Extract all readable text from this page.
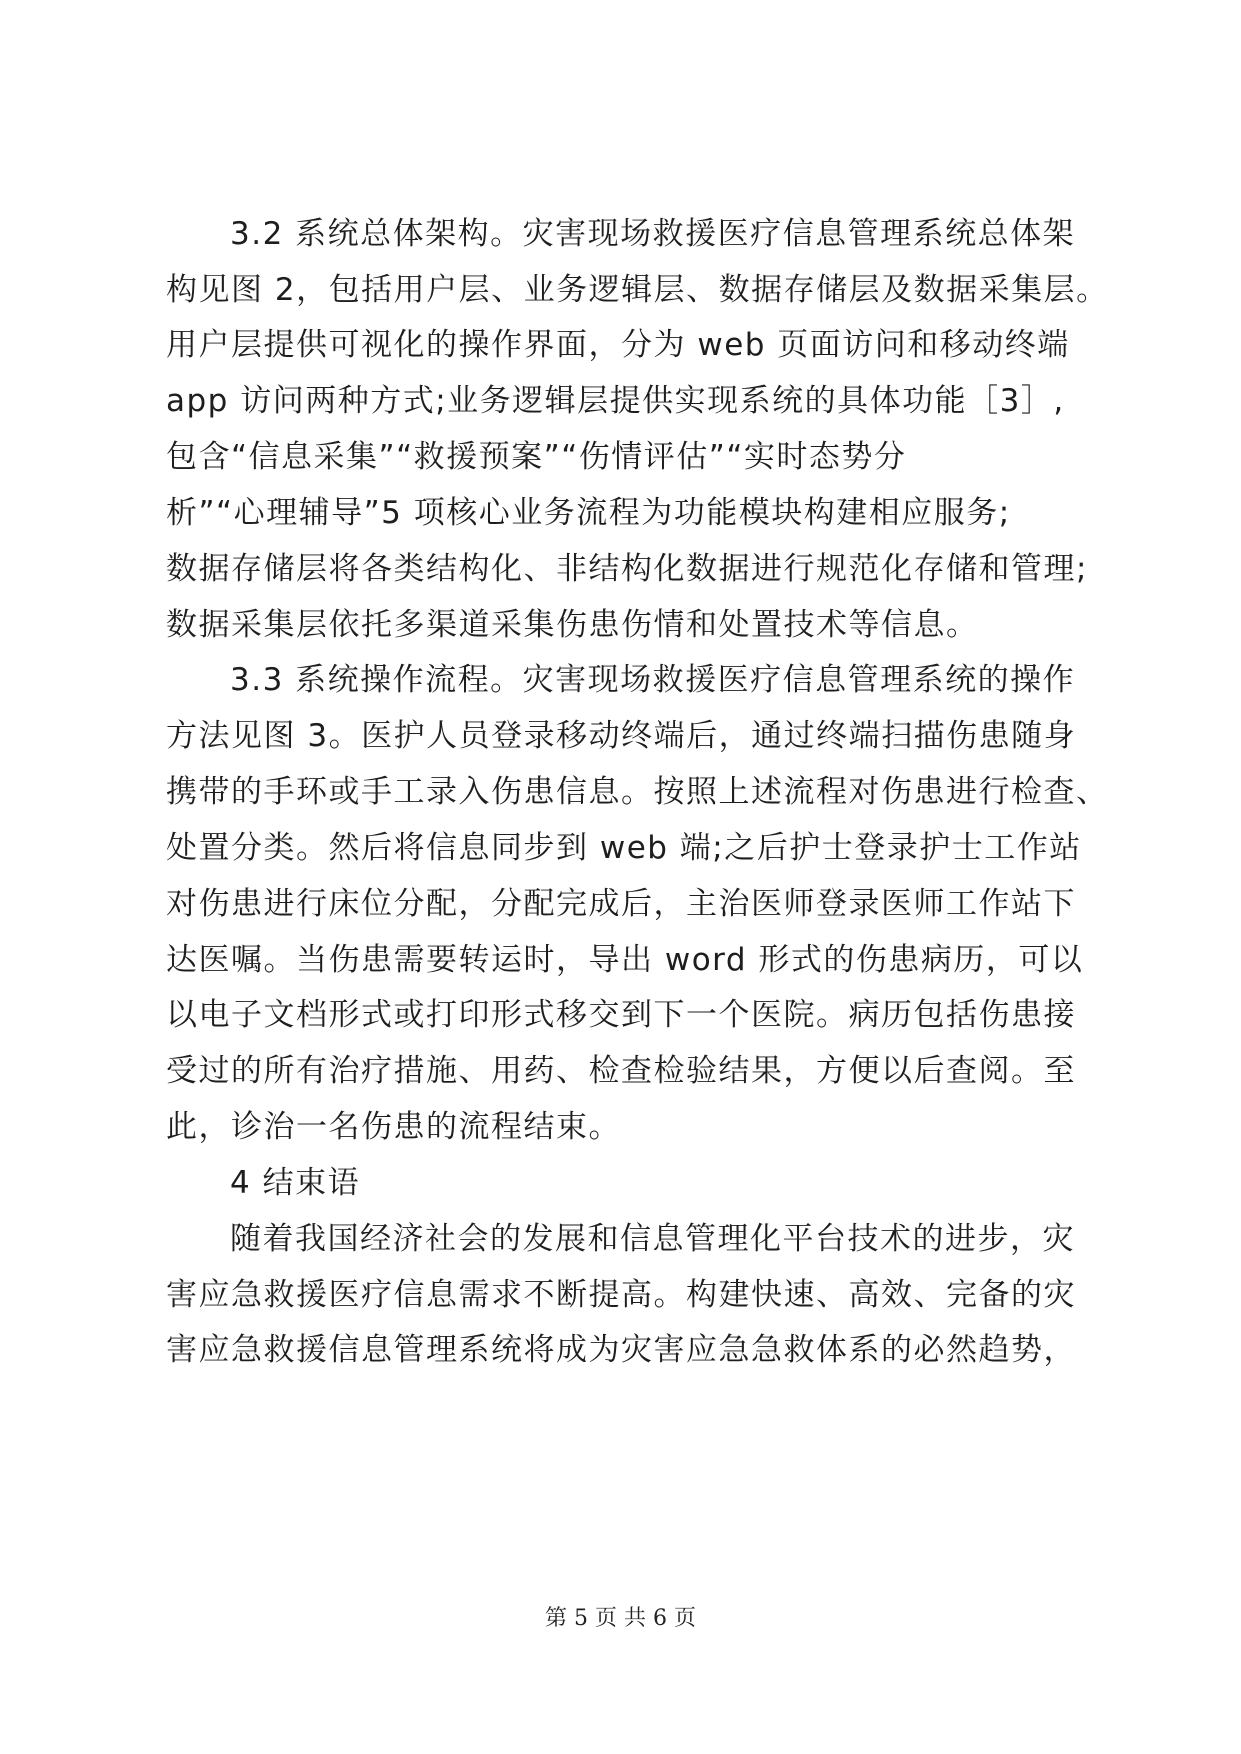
3.2 系统总体架构。灾害现场救援医疗信息管理系统总体架
构见图 2，包括用户层、业务逻辑层、数据存储层及数据采集层。
用户层提供可视化的操作界面，分为 web 页面访问和移动终端
app 访问两种方式;业务逻辑层提供实现系统的具体功能［3］,
包含“信息采集”“救援预案”“伤情评估”“实时态势分
析”“心理辅导”5 项核心业务流程为功能模块构建相应服务;
数据存储层将各类结构化、非结构化数据进行规范化存储和管理;
数据采集层依托多渠道采集伤患伤情和处置技术等信息。
3.3 系统操作流程。灾害现场救援医疗信息管理系统的操作
方法见图 3。医护人员登录移动终端后，通过终端扫描伤患随身
携带的手环或手工录入伤患信息。按照上述流程对伤患进行检查、
处置分类。然后将信息同步到 web 端;之后护士登录护士工作站
对伤患进行床位分配，分配完成后，主治医师登录医师工作站下
达医嘱。当伤患需要转运时，导出 word 形式的伤患病历，可以
以电子文档形式或打印形式移交到下一个医院。病历包括伤患接
受过的所有治疗措施、用药、检查检验结果，方便以后查阅。至
此，诊治一名伤患的流程结束。
4 结束语
随着我国经济社会的发展和信息管理化平台技术的进步，灾
害应急救援医疗信息需求不断提高。构建快速、高效、完备的灾
害应急救援信息管理系统将成为灾害应急急救体系的必然趋势，
第 5 页 共 6 页
